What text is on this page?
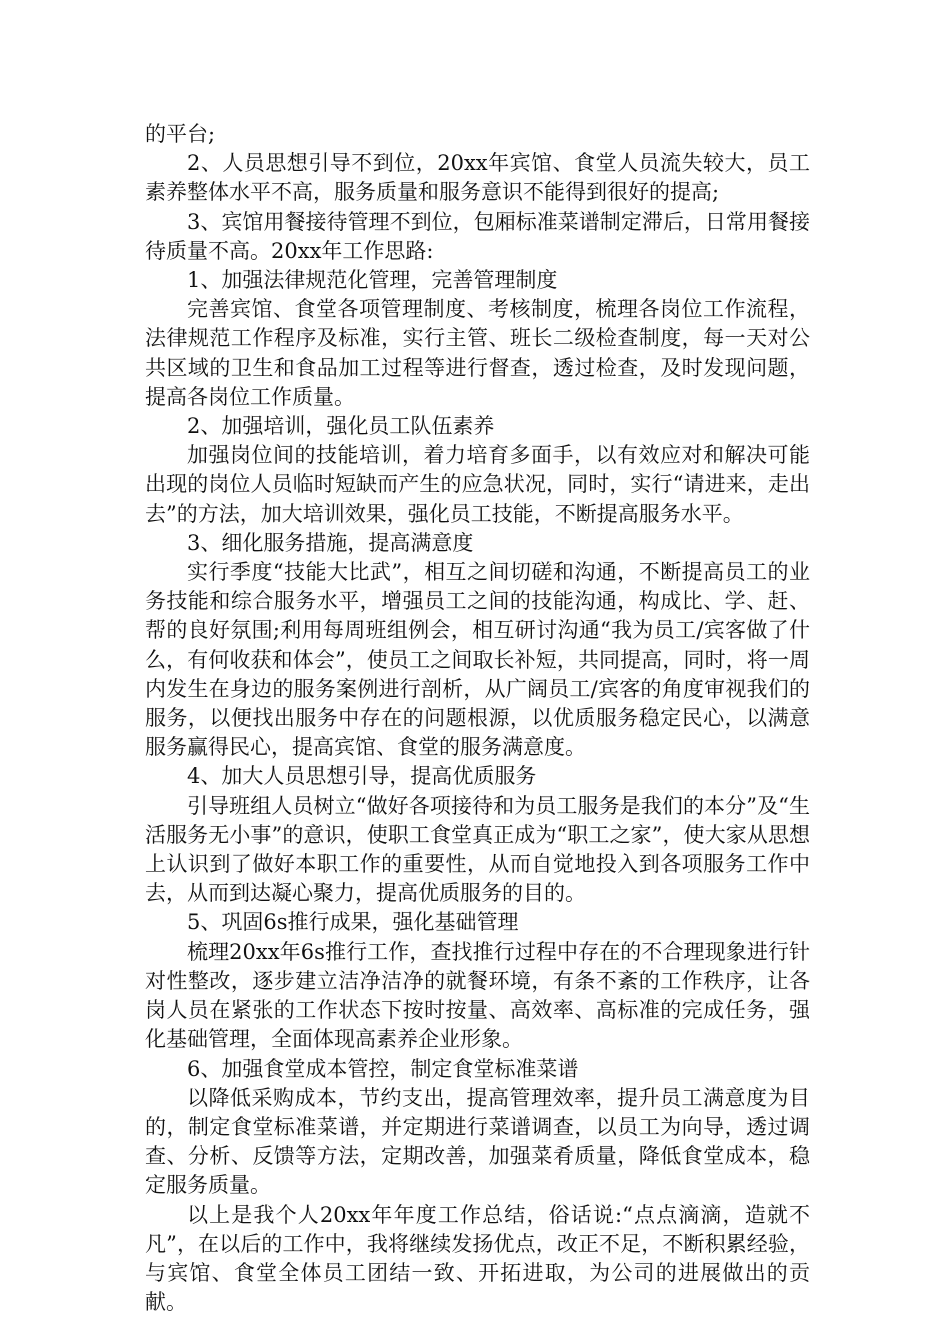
的平台;

2、人员思想引导不到位，20xx年宾馆、食堂人员流失较大，员工素养整体水平不高，服务质量和服务意识不能得到很好的提高;

3、宾馆用餐接待管理不到位，包厢标准菜谱制定滞后，日常用餐接待质量不高。20xx年工作思路:

1、加强法律规范化管理，完善管理制度

完善宾馆、食堂各项管理制度、考核制度，梳理各岗位工作流程，法律规范工作程序及标准，实行主管、班长二级检查制度，每一天对公共区域的卫生和食品加工过程等进行督查，透过检查，及时发现问题，提高各岗位工作质量。

2、加强培训，强化员工队伍素养

加强岗位间的技能培训，着力培育多面手，以有效应对和解决可能出现的岗位人员临时短缺而产生的应急状况，同时，实行“请进来，走出去”的方法，加大培训效果，强化员工技能，不断提高服务水平。

3、细化服务措施，提高满意度

实行季度“技能大比武”，相互之间切磋和沟通，不断提高员工的业务技能和综合服务水平，增强员工之间的技能沟通，构成比、学、赶、帮的良好氛围;利用每周班组例会，相互研讨沟通“我为员工/宾客做了什么，有何收获和体会”，使员工之间取长补短，共同提高，同时，将一周内发生在身边的服务案例进行剖析，从广阔员工/宾客的角度审视我们的服务，以便找出服务中存在的问题根源，以优质服务稳定民心，以满意服务赢得民心，提高宾馆、食堂的服务满意度。

4、加大人员思想引导，提高优质服务

引导班组人员树立“做好各项接待和为员工服务是我们的本分”及“生活服务无小事”的意识，使职工食堂真正成为“职工之家”，使大家从思想上认识到了做好本职工作的重要性，从而自觉地投入到各项服务工作中去，从而到达凝心聚力，提高优质服务的目的。

5、巩固6s推行成果，强化基础管理

梳理20xx年6s推行工作，查找推行过程中存在的不合理现象进行针对性整改，逐步建立洁净洁净的就餐环境，有条不紊的工作秩序，让各岗人员在紧张的工作状态下按时按量、高效率、高标准的完成任务，强化基础管理，全面体现高素养企业形象。

6、加强食堂成本管控，制定食堂标准菜谱

以降低采购成本，节约支出，提高管理效率，提升员工满意度为目的，制定食堂标准菜谱，并定期进行菜谱调查，以员工为向导，透过调查、分析、反馈等方法，定期改善，加强菜肴质量，降低食堂成本，稳定服务质量。

以上是我个人20xx年年度工作总结，俗话说:“点点滴滴，造就不凡”，在以后的工作中，我将继续发扬优点，改正不足，不断积累经验，与宾馆、食堂全体员工团结一致、开拓进取，为公司的进展做出的贡献。
